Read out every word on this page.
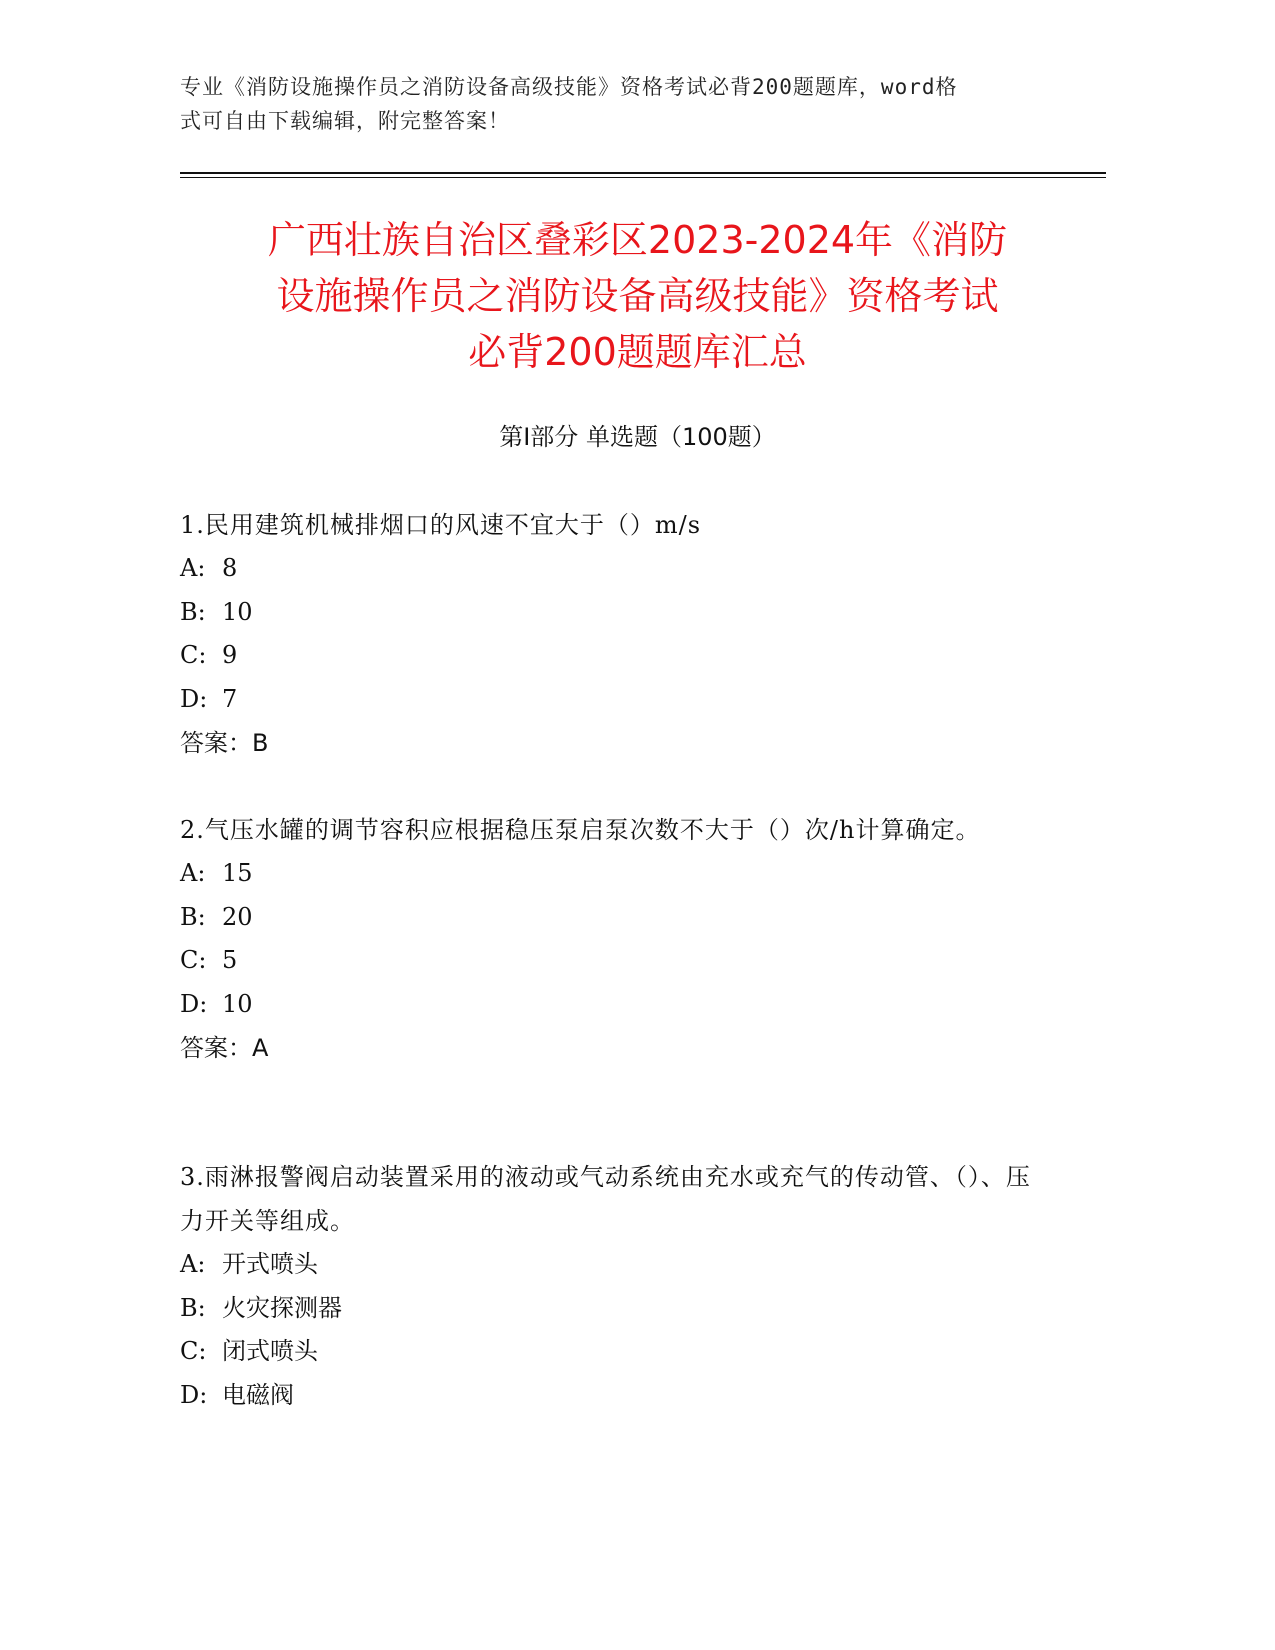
专业《消防设施操作员之消防设备高级技能》资格考试必背200题题库，word格
式可自由下载编辑，附完整答案！
广西壮族自治区叠彩区2023-2024年《消防
设施操作员之消防设备高级技能》资格考试
必背200题题库汇总
第Ⅰ部分 单选题（100题）
1.民用建筑机械排烟口的风速不宜大于（）m/s
A: 8
B: 10
C: 9
D: 7
答案：B
2.气压水罐的调节容积应根据稳压泵启泵次数不大于（）次/h计算确定。
A: 15
B: 20
C: 5
D: 10
答案：A
3.雨淋报警阀启动装置采用的液动或气动系统由充水或充气的传动管、（）、压力开关等组成。
A: 开式喷头
B: 火灾探测器
C: 闭式喷头
D: 电磁阀
